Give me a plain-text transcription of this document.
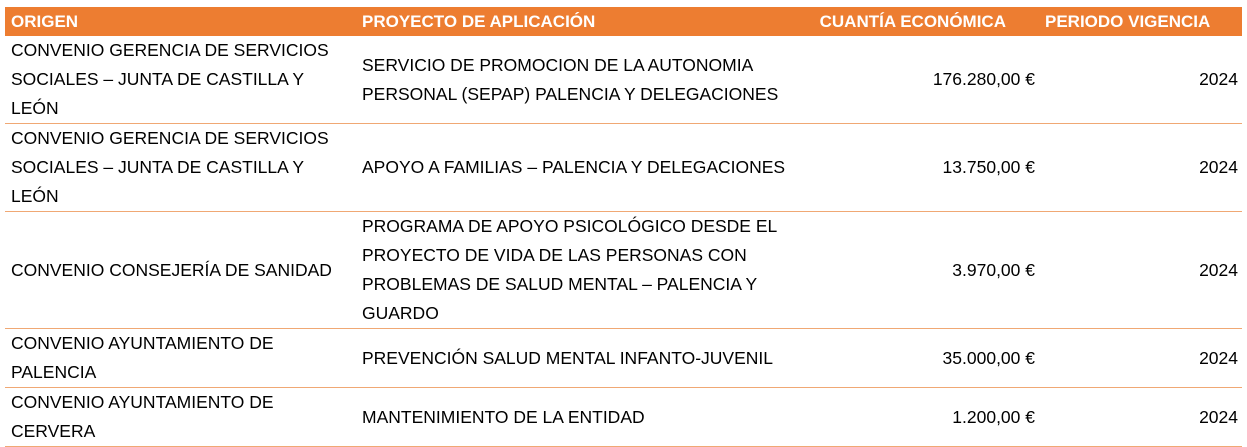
ORIGEN	PROYECTO DE APLICACIÓN	CUANTÍA ECONÓMICA	PERIODO VIGENCIA
CONVENIO GERENCIA DE SERVICIOS SOCIALES – JUNTA DE CASTILLA Y LEÓN	SERVICIO DE PROMOCION DE LA AUTONOMIA PERSONAL (SEPAP) PALENCIA Y DELEGACIONES	176.280,00 €	2024
CONVENIO GERENCIA DE SERVICIOS SOCIALES – JUNTA DE CASTILLA Y LEÓN	APOYO A FAMILIAS – PALENCIA Y DELEGACIONES	13.750,00 €	2024
CONVENIO CONSEJERÍA DE SANIDAD	PROGRAMA DE APOYO PSICOLÓGICO DESDE EL PROYECTO DE VIDA DE LAS PERSONAS CON PROBLEMAS DE SALUD MENTAL – PALENCIA Y GUARDO	3.970,00 €	2024
CONVENIO AYUNTAMIENTO DE PALENCIA	PREVENCIÓN SALUD MENTAL INFANTO-JUVENIL	35.000,00 €	2024
CONVENIO AYUNTAMIENTO DE CERVERA	MANTENIMIENTO DE LA ENTIDAD	1.200,00 €	2024
